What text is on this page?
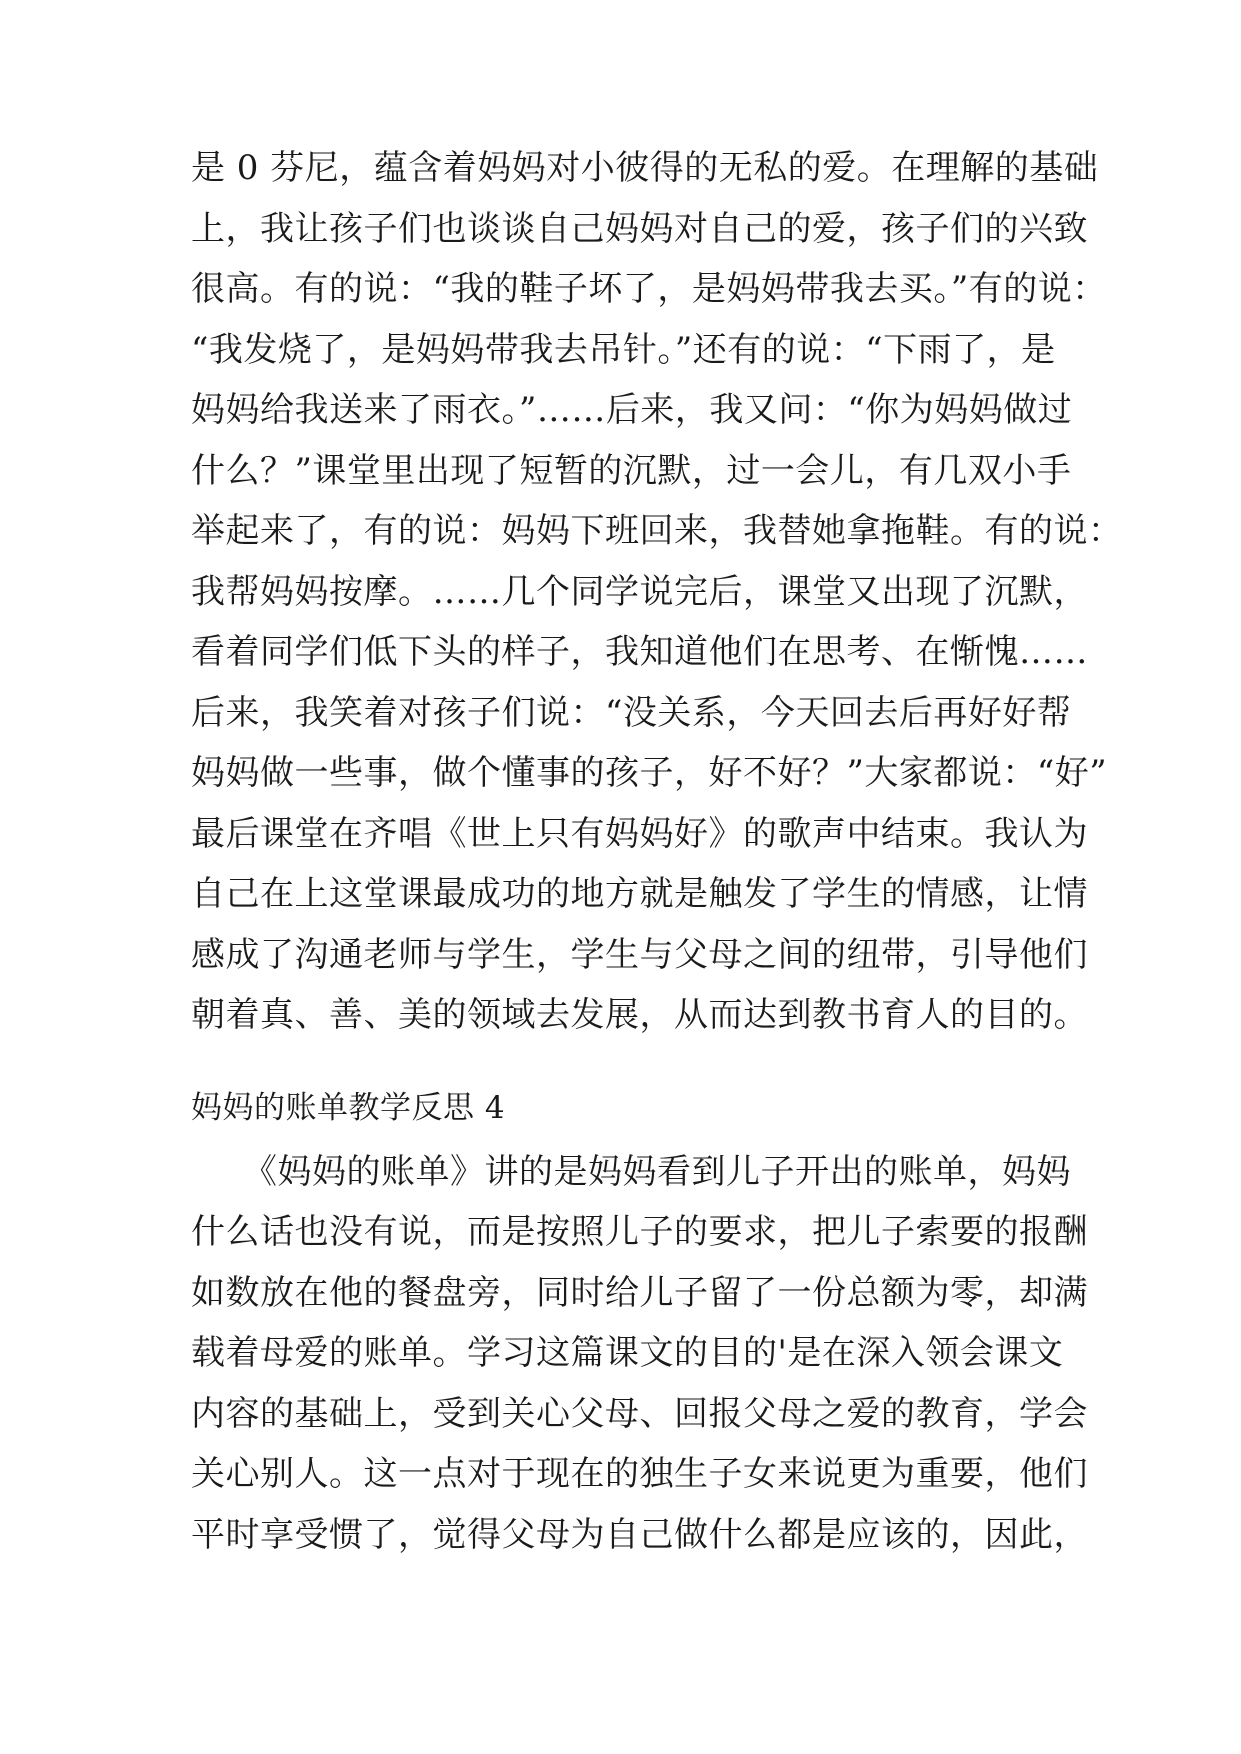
是 0 芬尼，蕴含着妈妈对小彼得的无私的爱。在理解的基础
上，我让孩子们也谈谈自己妈妈对自己的爱，孩子们的兴致
很高。有的说：“我的鞋子坏了，是妈妈带我去买。”有的说：
“我发烧了，是妈妈带我去吊针。”还有的说：“下雨了，是
妈妈给我送来了雨衣。”……后来，我又问：“你为妈妈做过
什么？”课堂里出现了短暂的沉默，过一会儿，有几双小手
举起来了，有的说：妈妈下班回来，我替她拿拖鞋。有的说：
我帮妈妈按摩。……几个同学说完后，课堂又出现了沉默，
看着同学们低下头的样子，我知道他们在思考、在惭愧……
后来，我笑着对孩子们说：“没关系，今天回去后再好好帮
妈妈做一些事，做个懂事的孩子，好不好？”大家都说：“好”
最后课堂在齐唱《世上只有妈妈好》的歌声中结束。我认为
自己在上这堂课最成功的地方就是触发了学生的情感，让情
感成了沟通老师与学生，学生与父母之间的纽带，引导他们
朝着真、善、美的领域去发展，从而达到教书育人的目的。
妈妈的账单教学反思 4
　　《妈妈的账单》讲的是妈妈看到儿子开出的账单，妈妈
什么话也没有说，而是按照儿子的要求，把儿子索要的报酬
如数放在他的餐盘旁，同时给儿子留了一份总额为零，却满
载着母爱的账单。学习这篇课文的目的'是在深入领会课文
内容的基础上，受到关心父母、回报父母之爱的教育，学会
关心别人。这一点对于现在的独生子女来说更为重要，他们
平时享受惯了，觉得父母为自己做什么都是应该的，因此，
